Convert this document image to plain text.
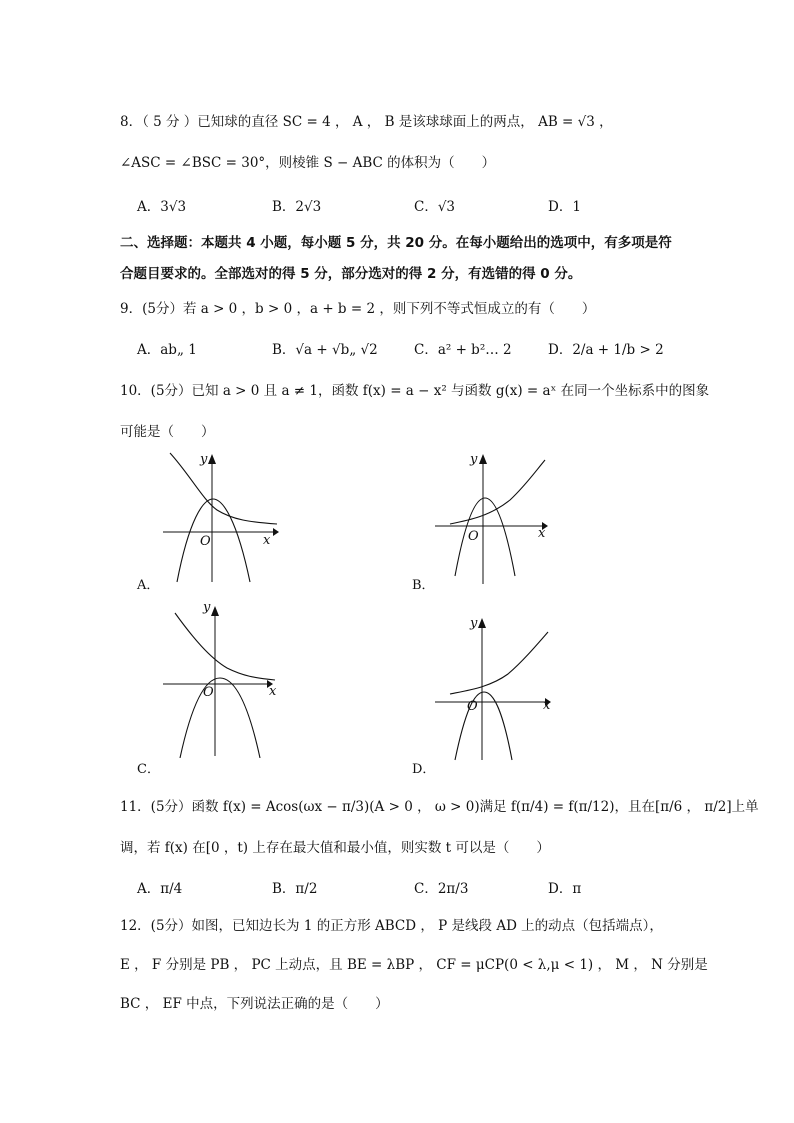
8．（ 5 分 ）已知球的直径 SC = 4 ， A ， B 是该球球面上的两点， AB = √3 ，
∠ASC = ∠BSC = 30°，则棱锥 S − ABC 的体积为（　　）
A．3√3	B．2√3	C．√3	D．1
二、选择题：本题共 4 小题，每小题 5 分，共 20 分。在每小题给出的选项中，有多项是符
合题目要求的。全部选对的得 5 分，部分选对的得 2 分，有选错的得 0 分。
9．(5分）若 a > 0 ，b > 0 ，a + b = 2 ，则下列不等式恒成立的有（　　）
A．ab„ 1	B．√a + √b„ √2	C．a² + b²… 2	D．2/a + 1/b > 2
10．(5分）已知 a > 0 且 a ≠ 1，函数 f(x) = a − x² 与函数 g(x) = aˣ 在同一个坐标系中的图象
可能是（　　）
y
x
O
A．
y
x
O
B．
y
x
O
C．
y
x
O
D．
11．(5分）函数 f(x) = Acos(ωx − π/3)(A > 0 ， ω > 0)满足 f(π/4) = f(π/12)，且在[π/6 ， π/2]上单
调，若 f(x) 在[0 ，t) 上存在最大值和最小值，则实数 t 可以是（　　）
A．π/4	B．π/2	C．2π/3	D．π
12．(5分）如图，已知边长为 1 的正方形 ABCD ， P 是线段 AD 上的动点（包括端点），
E ， F 分别是 PB ， PC 上动点，且 BE = λBP ， CF = μCP(0 < λ,μ < 1) ， M ， N 分别是
BC ， EF 中点，下列说法正确的是（　　）
